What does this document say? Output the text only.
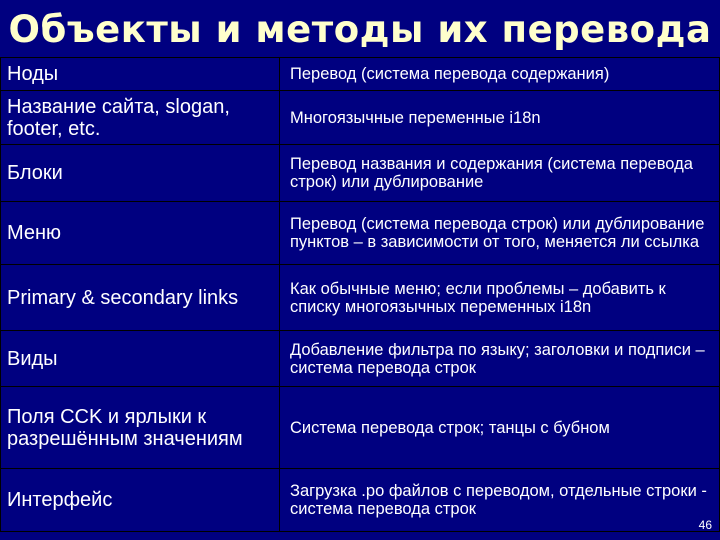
Объекты и методы их перевода
Ноды	Перевод (система перевода содержания)
Название сайта, slogan, footer, etc.	Многоязычные переменные i18n
Блоки	Перевод названия и содержания (система перевода строк) или дублирование
Меню	Перевод (система перевода строк) или дублирование пунктов – в зависимости от того, меняется ли ссылка
Primary & secondary links	Как обычные меню; если проблемы – добавить к списку многоязычных переменных i18n
Виды	Добавление фильтра по языку; заголовки и подписи – система перевода строк
Поля CCK и ярлыки к разрешённым значениям	Система перевода строк; танцы с бубном
Интерфейс	Загрузка .po файлов с переводом, отдельные строки - система перевода строк
46
